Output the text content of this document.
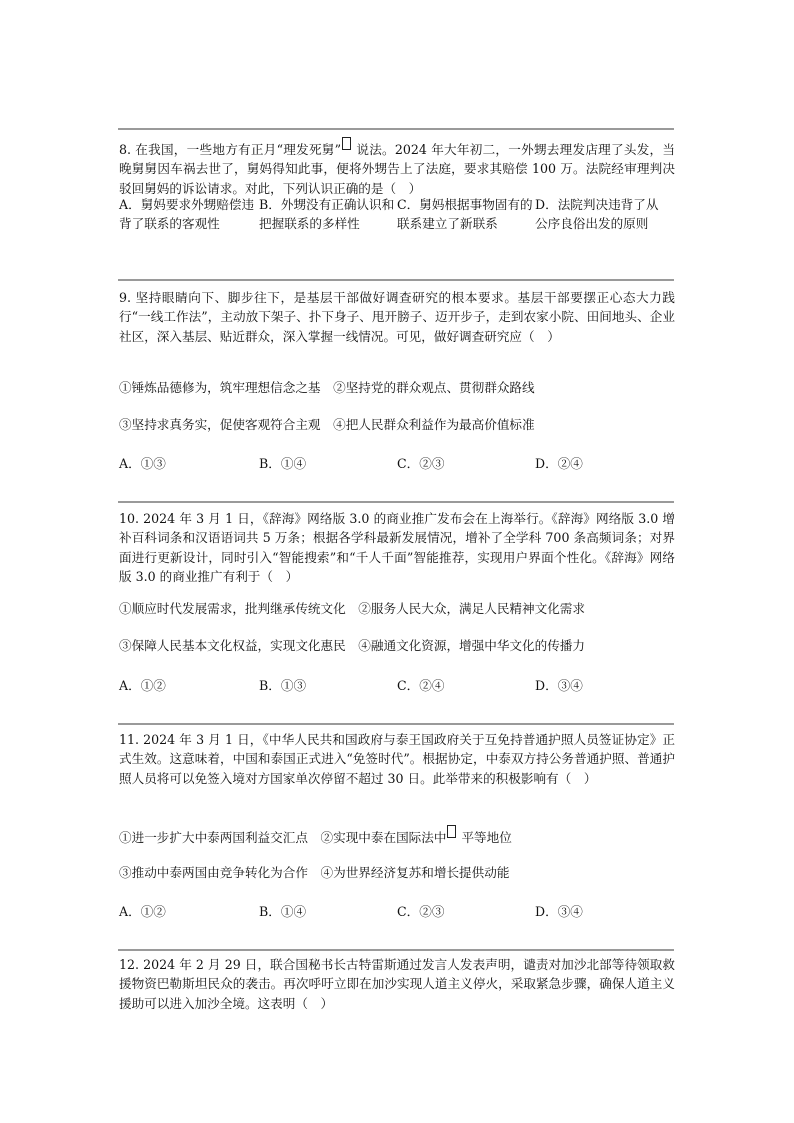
8. 在我国，一些地方有正月“理发死舅” 说法。2024 年大年初二，一外甥去理发店理了头发，当晚舅舅因车祸去世了，舅妈得知此事，便将外甥告上了法庭，要求其赔偿 100 万。法院经审理判决驳回舅妈的诉讼请求。对此，下列认识正确的是（　）

A．舅妈要求外甥赔偿违背了联系的客观性
B．外甥没有正确认识和把握联系的多样性
C．舅妈根据事物固有的联系建立了新联系
D．法院判决违背了从公序良俗出发的原则

9. 坚持眼睛向下、脚步往下，是基层干部做好调查研究的根本要求。基层干部要摆正心态大力践行“一线工作法”，主动放下架子、扑下身子、甩开膀子、迈开步子，走到农家小院、田间地头、企业社区，深入基层、贴近群众，深入掌握一线情况。可见，做好调查研究应（　）

①锤炼品德修为，筑牢理想信念之基　②坚持党的群众观点、贯彻群众路线

③坚持求真务实，促使客观符合主观　④把人民群众利益作为最高价值标准

A．①③	B．①④	C．②③	D．②④

10. 2024 年 3 月 1 日，《辞海》网络版 3.0 的商业推广发布会在上海举行。《辞海》网络版 3.0 增补百科词条和汉语语词共 5 万条；根据各学科最新发展情况，增补了全学科 700 条高频词条；对界面进行更新设计，同时引入“智能搜索”和“千人千面”智能推荐，实现用户界面个性化。《辞海》网络版 3.0 的商业推广有利于（　）

①顺应时代发展需求，批判继承传统文化　②服务人民大众，满足人民精神文化需求

③保障人民基本文化权益，实现文化惠民　④融通文化资源，增强中华文化的传播力

A．①②	B．①③	C．②④	D．③④

11. 2024 年 3 月 1 日，《中华人民共和国政府与泰王国政府关于互免持普通护照人员签证协定》正式生效。这意味着，中国和泰国正式进入“免签时代”。根据协定，中泰双方持公务普通护照、普通护照人员将可以免签入境对方国家单次停留不超过 30 日。此举带来的积极影响有（　）

①进一步扩大中泰两国利益交汇点　②实现中泰在国际法中 平等地位

③推动中泰两国由竞争转化为合作　④为世界经济复苏和增长提供动能

A．①②	B．①④	C．②③	D．③④

12. 2024 年 2 月 29 日，联合国秘书长古特雷斯通过发言人发表声明，谴责对加沙北部等待领取救援物资巴勒斯坦民众的袭击。再次呼吁立即在加沙实现人道主义停火，采取紧急步骤，确保人道主义援助可以进入加沙全境。这表明（　）
